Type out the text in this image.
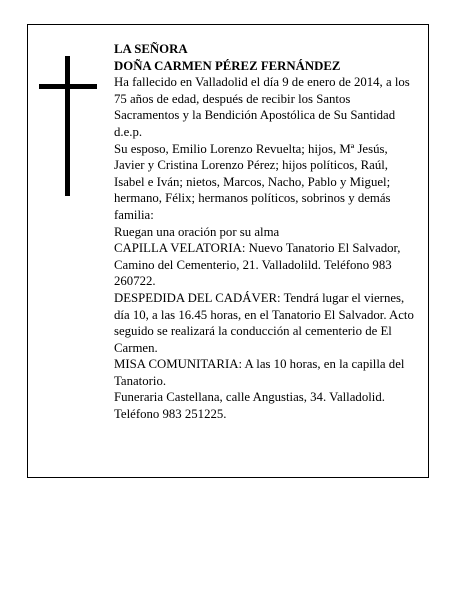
LA SEÑORA

DOÑA CARMEN PÉREZ FERNÁNDEZ

Ha fallecido en Valladolid el día 9 de enero de 2014, a los 75 años de edad, después de recibir los Santos Sacramentos y la Bendición Apostólica de Su Santidad d.e.p.

Su esposo, Emilio Lorenzo Revuelta; hijos, Mª Jesús, Javier y Cristina Lorenzo Pérez; hijos políticos, Raúl, Isabel e Iván; nietos, Marcos, Nacho, Pablo y Miguel; hermano, Félix; hermanos políticos, sobrinos y demás familia:

Ruegan una oración por su alma

CAPILLA VELATORIA: Nuevo Tanatorio El Salvador, Camino del Cementerio, 21. Valladolild. Teléfono 983 260722.

DESPEDIDA DEL CADÁVER: Tendrá lugar el viernes, día 10, a las 16.45 horas, en el Tanatorio El Salvador. Acto seguido se realizará la conducción al cementerio de El Carmen.

MISA COMUNITARIA: A las 10 horas, en la capilla del Tanatorio.

Funeraria Castellana, calle Angustias, 34. Valladolid. Teléfono 983 251225.
